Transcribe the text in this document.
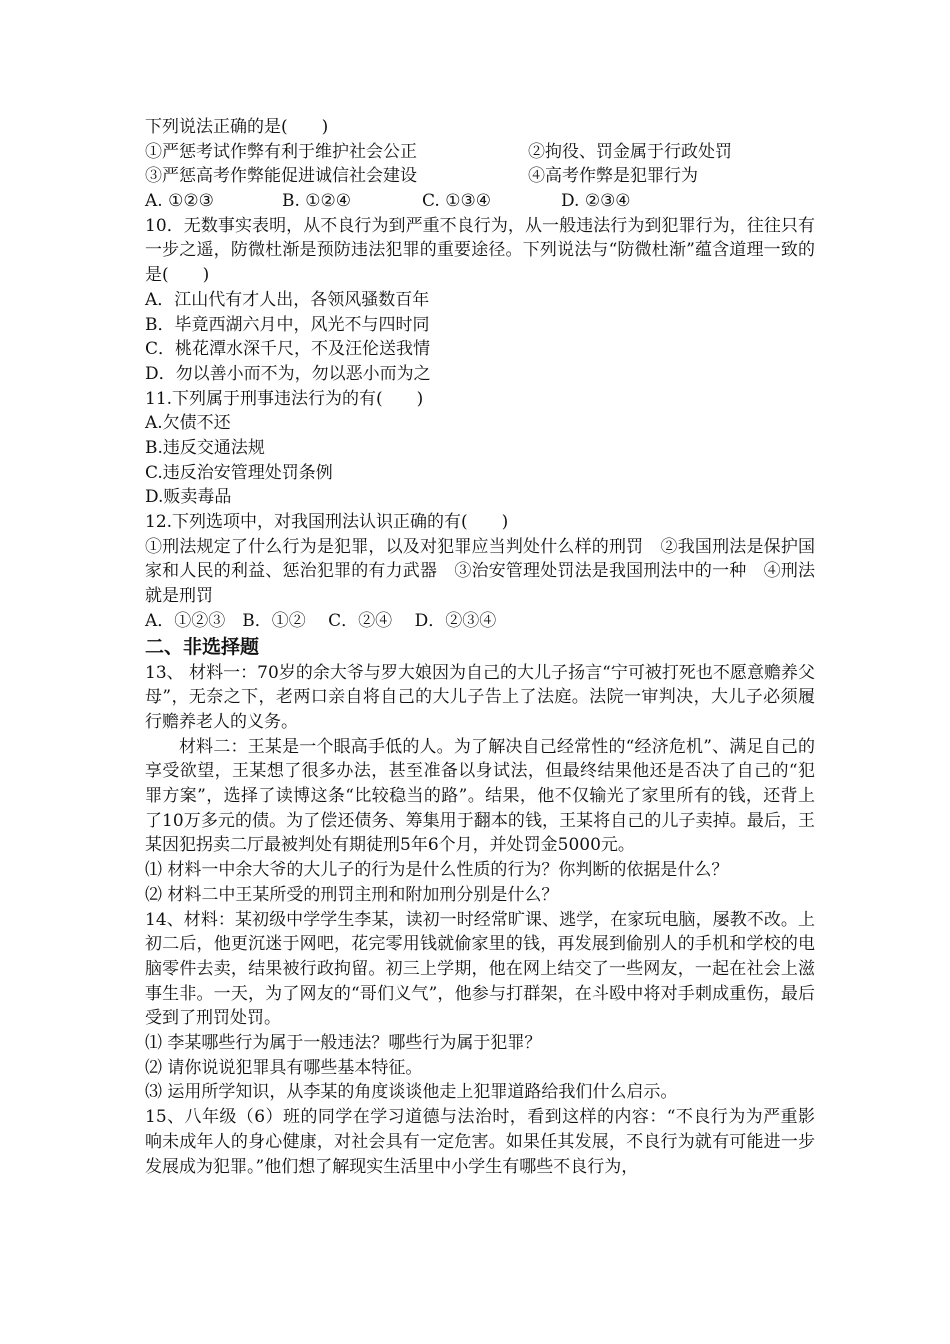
下列说法正确的是(　　)
①严惩考试作弊有利于维护社会公正	②拘役、罚金属于行政处罚
③严惩高考作弊能促进诚信社会建设	④高考作弊是犯罪行为
A. ①②③	B. ①②④	C. ①③④	D. ②③④
10．无数事实表明，从不良行为到严重不良行为，从一般违法行为到犯罪行为，往往只有一步之遥，防微杜渐是预防违法犯罪的重要途径。下列说法与“防微杜渐”蕴含道理一致的是(　　)
A．江山代有才人出，各领风骚数百年
B．毕竟西湖六月中，风光不与四时同
C．桃花潭水深千尺，不及汪伦送我情
D．勿以善小而不为，勿以恶小而为之
11.下列属于刑事违法行为的有(　　)
A.欠债不还
B.违反交通法规
C.违反治安管理处罚条例
D.贩卖毒品
12.下列选项中，对我国刑法认识正确的有(　　)
①刑法规定了什么行为是犯罪，以及对犯罪应当判处什么样的刑罚　②我国刑法是保护国家和人民的利益、惩治犯罪的有力武器　③治安管理处罚法是我国刑法中的一种　④刑法就是刑罚
A．①②③　B．①②　 C．②④　 D．②③④
二、非选择题
13、 材料一：70岁的余大爷与罗大娘因为自己的大儿子扬言“宁可被打死也不愿意赡养父母”，无奈之下，老两口亲自将自己的大儿子告上了法庭。法院一审判决，大儿子必须履行赡养老人的义务。
材料二：王某是一个眼高手低的人。为了解决自己经常性的“经济危机”、满足自己的享受欲望，王某想了很多办法，甚至准备以身试法，但最终结果他还是否决了自己的“犯罪方案”，选择了读博这条“比较稳当的路”。结果，他不仅输光了家里所有的钱，还背上了10万多元的债。为了偿还债务、筹集用于翻本的钱，王某将自己的儿子卖掉。最后，王某因犯拐卖二厅最被判处有期徒刑5年6个月，并处罚金5000元。
⑴ 材料一中余大爷的大儿子的行为是什么性质的行为？你判断的依据是什么？
⑵ 材料二中王某所受的刑罚主刑和附加刑分别是什么？
14、材料：某初级中学学生李某，读初一时经常旷课、逃学，在家玩电脑，屡教不改。上初二后，他更沉迷于网吧，花完零用钱就偷家里的钱，再发展到偷别人的手机和学校的电脑零件去卖，结果被行政拘留。初三上学期，他在网上结交了一些网友，一起在社会上滋事生非。一天，为了网友的“哥们义气”，他参与打群架，在斗殴中将对手刺成重伤，最后受到了刑罚处罚。
⑴ 李某哪些行为属于一般违法？哪些行为属于犯罪？
⑵ 请你说说犯罪具有哪些基本特征。
⑶ 运用所学知识，从李某的角度谈谈他走上犯罪道路给我们什么启示。
15、八年级（6）班的同学在学习道德与法治时，看到这样的内容：“不良行为为严重影响未成年人的身心健康，对社会具有一定危害。如果任其发展，不良行为就有可能进一步发展成为犯罪。”他们想了解现实生活里中小学生有哪些不良行为，
